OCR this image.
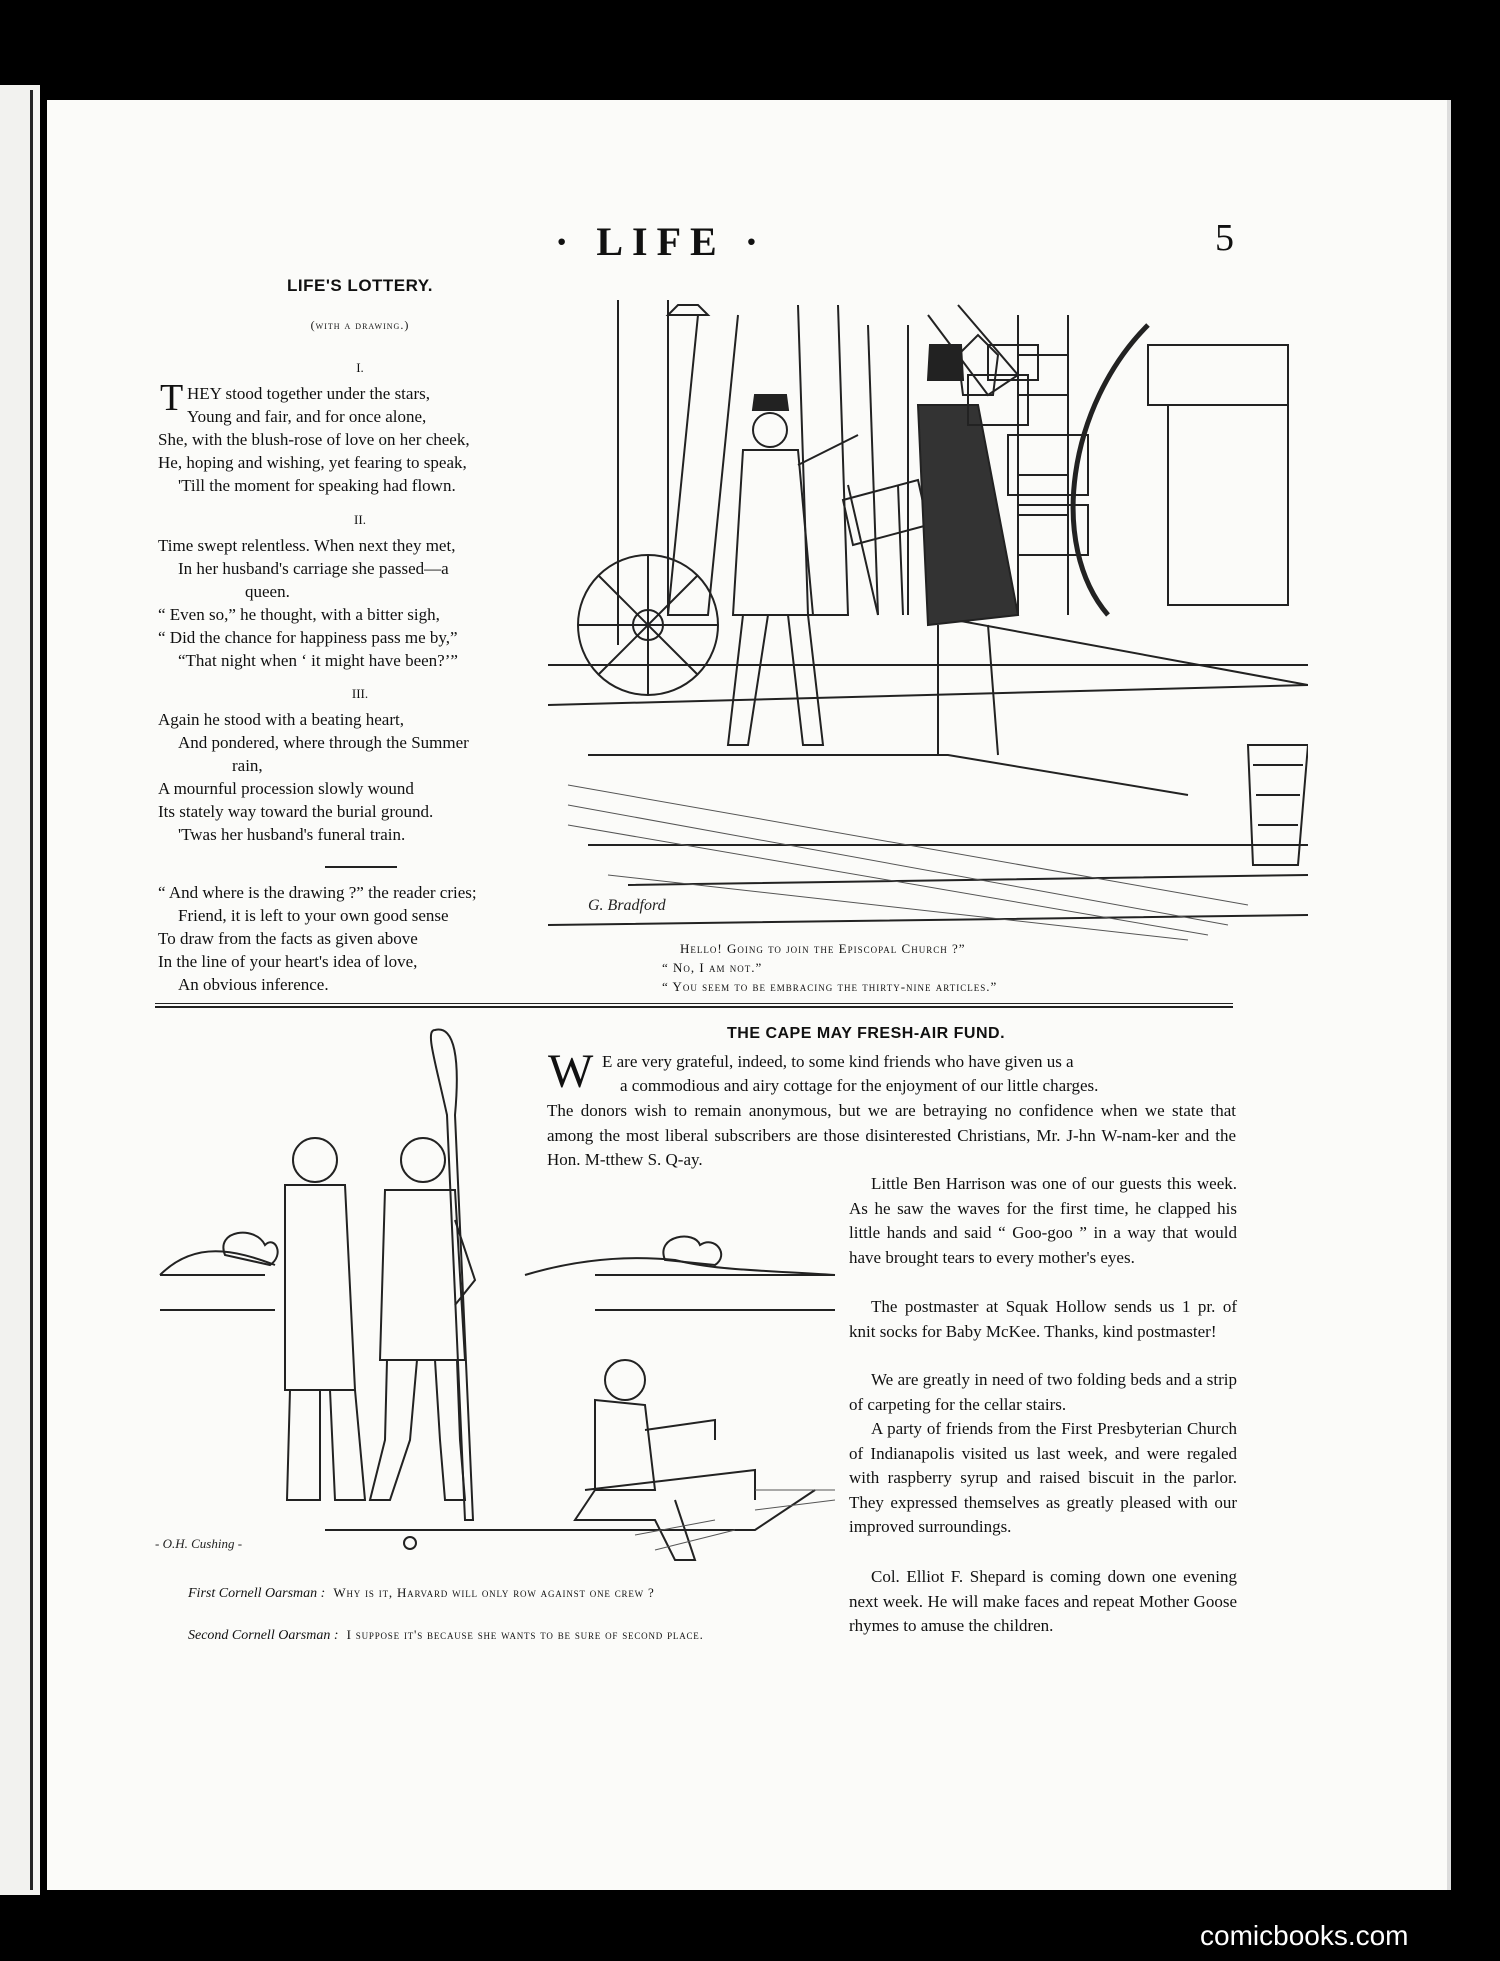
· LIFE ·	5
LIFE'S LOTTERY.
(with a drawing.)
I.
T HEY stood together under the stars,
Young and fair, and for once alone,
She, with the blush-rose of love on her cheek,
He, hoping and wishing, yet fearing to speak,
'Till the moment for speaking had flown.
II.
Time swept relentless. When next they met,
In her husband's carriage she passed—a
queen.
“ Even so,” he thought, with a bitter sigh,
“ Did the chance for happiness pass me by,”
“That night when ‘ it might have been?’”
III.
Again he stood with a beating heart,
And pondered, where through the Summer
rain,
A mournful procession slowly wound
Its stately way toward the burial ground.
'Twas her husband's funeral train.
“ And where is the drawing ?” the reader cries;
Friend, it is left to your own good sense
To draw from the facts as given above
In the line of your heart's idea of love,
An obvious inference.
G. Bradford
Hello! Going to join the Episcopal Church ?”
“ No, I am not.”
“ You seem to be embracing the thirty-nine articles.”
THE CAPE MAY FRESH-AIR FUND.
W E are very grateful, indeed, to some kind friends who have given us a
a commodious and airy cottage for the enjoyment of our little charges.
The donors wish to remain anonymous, but we are betraying no confidence when we state that among the most liberal subscribers are those disinterested Christians, Mr. J-hn W-nam-ker and the Hon. M-tthew S. Q-ay.
Little Ben Harrison was one of our guests this week. As he saw the waves for the first time, he clapped his little hands and said “ Goo-goo ” in a way that would have brought tears to every mother's eyes.
The postmaster at Squak Hollow sends us 1 pr. of knit socks for Baby McKee. Thanks, kind postmaster!
We are greatly in need of two folding beds and a strip of carpeting for the cellar stairs.
A party of friends from the First Presbyterian Church of Indianapolis visited us last week, and were regaled with raspberry syrup and raised biscuit in the parlor. They expressed themselves as greatly pleased with our improved surroundings.
Col. Elliot F. Shepard is coming down one evening next week. He will make faces and repeat Mother Goose rhymes to amuse the children.
- O.H. Cushing -
First Cornell Oarsman : Why is it, Harvard will only row against one crew ?
Second Cornell Oarsman : I suppose it's because she wants to be sure of second place.
comicbooks.com
